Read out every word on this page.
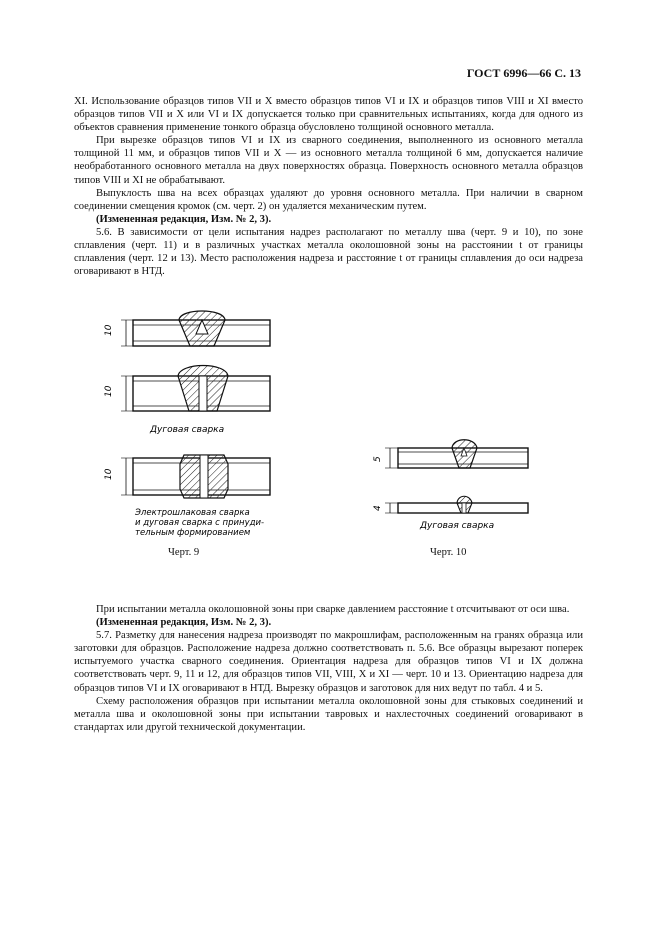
ГОСТ 6996—66 С. 13

XI. Использование образцов типов VII и X вместо образцов типов VI и IX и образцов типов VIII и XI вместо образцов типов VII и X или VI и IX допускается только при сравнительных испытаниях, когда для одного из объектов сравнения применение тонкого образца обусловлено толщиной основного металла.

При вырезке образцов типов VI и IX из сварного соединения, выполненного из основного металла толщиной 11 мм, и образцов типов VII и X — из основного металла толщиной 6 мм, допускается наличие необработанного основного металла на двух поверхностях образца. Поверхность основного металла образцов типов VIII и XI не обрабатывают.

Выпуклость шва на всех образцах удаляют до уровня основного металла. При наличии в сварном соединении смещения кромок (см. черт. 2) он удаляется механическим путем.

(Измененная редакция, Изм. № 2, 3).

5.6. В зависимости от цели испытания надрез располагают по металлу шва (черт. 9 и 10), по зоне сплавления (черт. 11) и в различных участках металла околошовной зоны на расстоянии t от границы сплавления (черт. 12 и 13). Место расположения надреза и расстояние t от границы сплавления до оси надреза оговаривают в НТД.

10
10
Дуговая сварка
10
Электрошлаковая сварка
и дуговая сварка с принуди-
тельным формированием
5
4
Дуговая сварка
Черт. 9	Черт. 10

При испытании металла околошовной зоны при сварке давлением расстояние t отсчитывают от оси шва.

(Измененная редакция, Изм. № 2, 3).

5.7. Разметку для нанесения надреза производят по макрошлифам, расположенным на гранях образца или заготовки для образцов. Расположение надреза должно соответствовать п. 5.6. Все образцы вырезают поперек испытуемого участка сварного соединения. Ориентация надреза для образцов типов VI и IX должна соответствовать черт. 9, 11 и 12, для образцов типов VII, VIII, X и XI — черт. 10 и 13. Ориентацию надреза для образцов типов VI и IX оговаривают в НТД. Вырезку образцов и заготовок для них ведут по табл. 4 и 5.

Схему расположения образцов при испытании металла околошовной зоны для стыковых соединений и металла шва и околошовной зоны при испытании тавровых и нахлесточных соединений оговаривают в стандартах или другой технической документации.
